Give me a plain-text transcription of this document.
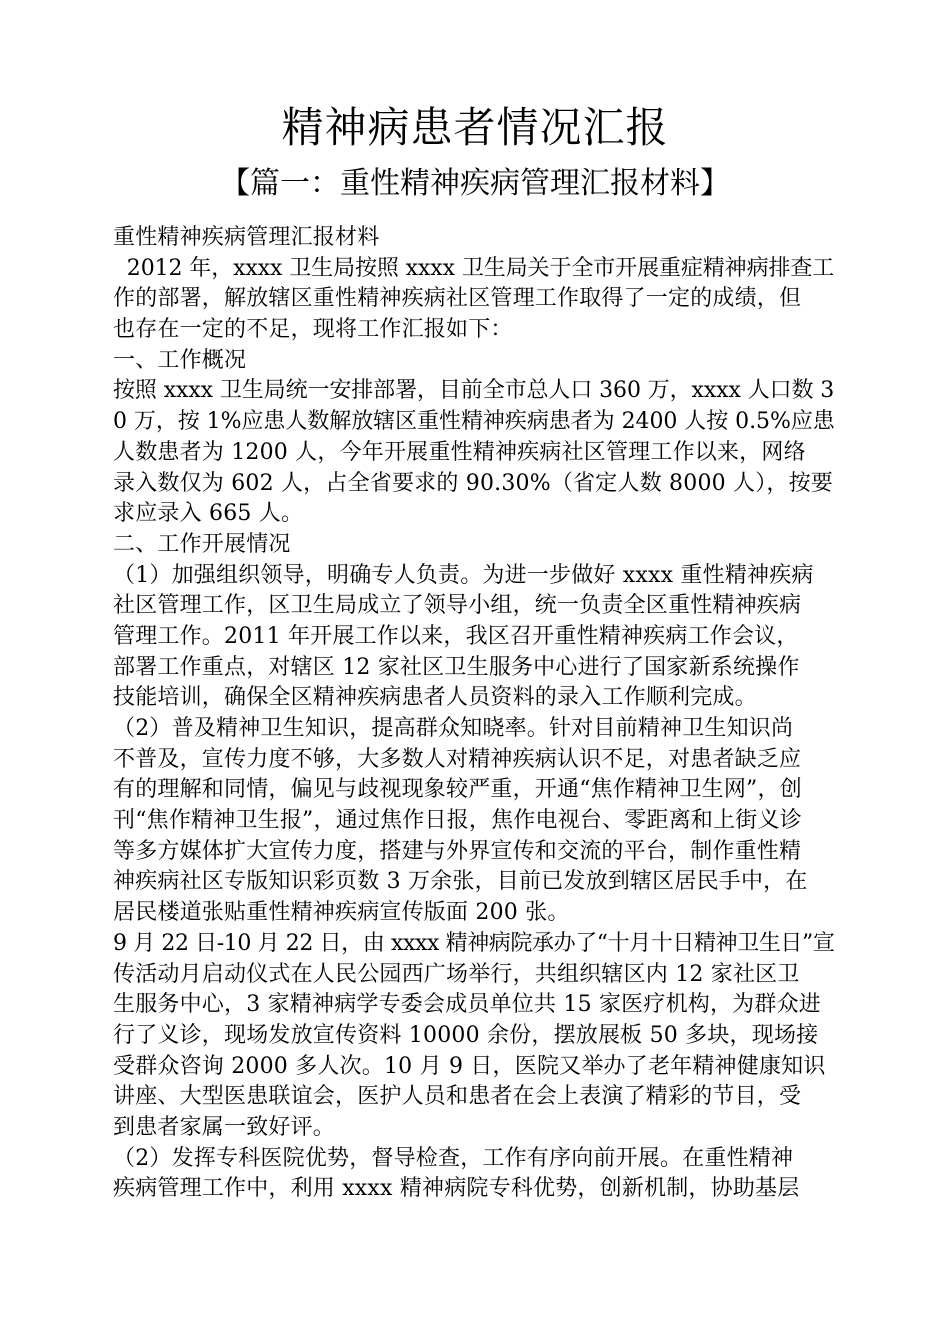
精神病患者情况汇报
【篇一：重性精神疾病管理汇报材料】
重性精神疾病管理汇报材料
2012 年，xxxx 卫生局按照 xxxx 卫生局关于全市开展重症精神病排查工
作的部署，解放辖区重性精神疾病社区管理工作取得了一定的成绩，但
也存在一定的不足，现将工作汇报如下：
一、工作概况
按照 xxxx 卫生局统一安排部署，目前全市总人口 360 万，xxxx 人口数 3
0 万，按 1%应患人数解放辖区重性精神疾病患者为 2400 人按 0.5%应患
人数患者为 1200 人，今年开展重性精神疾病社区管理工作以来，网络
录入数仅为 602 人，占全省要求的 90.30%（省定人数 8000 人），按要
求应录入 665 人。
二、工作开展情况
（1）加强组织领导，明确专人负责。为进一步做好 xxxx 重性精神疾病
社区管理工作，区卫生局成立了领导小组，统一负责全区重性精神疾病
管理工作。2011 年开展工作以来，我区召开重性精神疾病工作会议，
部署工作重点，对辖区 12 家社区卫生服务中心进行了国家新系统操作
技能培训，确保全区精神疾病患者人员资料的录入工作顺利完成。
（2）普及精神卫生知识，提高群众知晓率。针对目前精神卫生知识尚
不普及，宣传力度不够，大多数人对精神疾病认识不足，对患者缺乏应
有的理解和同情，偏见与歧视现象较严重，开通“焦作精神卫生网”，创
刊“焦作精神卫生报”，通过焦作日报，焦作电视台、零距离和上街义诊
等多方媒体扩大宣传力度，搭建与外界宣传和交流的平台，制作重性精
神疾病社区专版知识彩页数 3 万余张，目前已发放到辖区居民手中，在
居民楼道张贴重性精神疾病宣传版面 200 张。
9 月 22 日-10 月 22 日，由 xxxx 精神病院承办了“十月十日精神卫生日”宣
传活动月启动仪式在人民公园西广场举行，共组织辖区内 12 家社区卫
生服务中心，3 家精神病学专委会成员单位共 15 家医疗机构，为群众进
行了义诊，现场发放宣传资料 10000 余份，摆放展板 50 多块，现场接
受群众咨询 2000 多人次。10 月 9 日，医院又举办了老年精神健康知识
讲座、大型医患联谊会，医护人员和患者在会上表演了精彩的节目，受
到患者家属一致好评。
（2）发挥专科医院优势，督导检查，工作有序向前开展。在重性精神
疾病管理工作中，利用 xxxx 精神病院专科优势，创新机制，协助基层
